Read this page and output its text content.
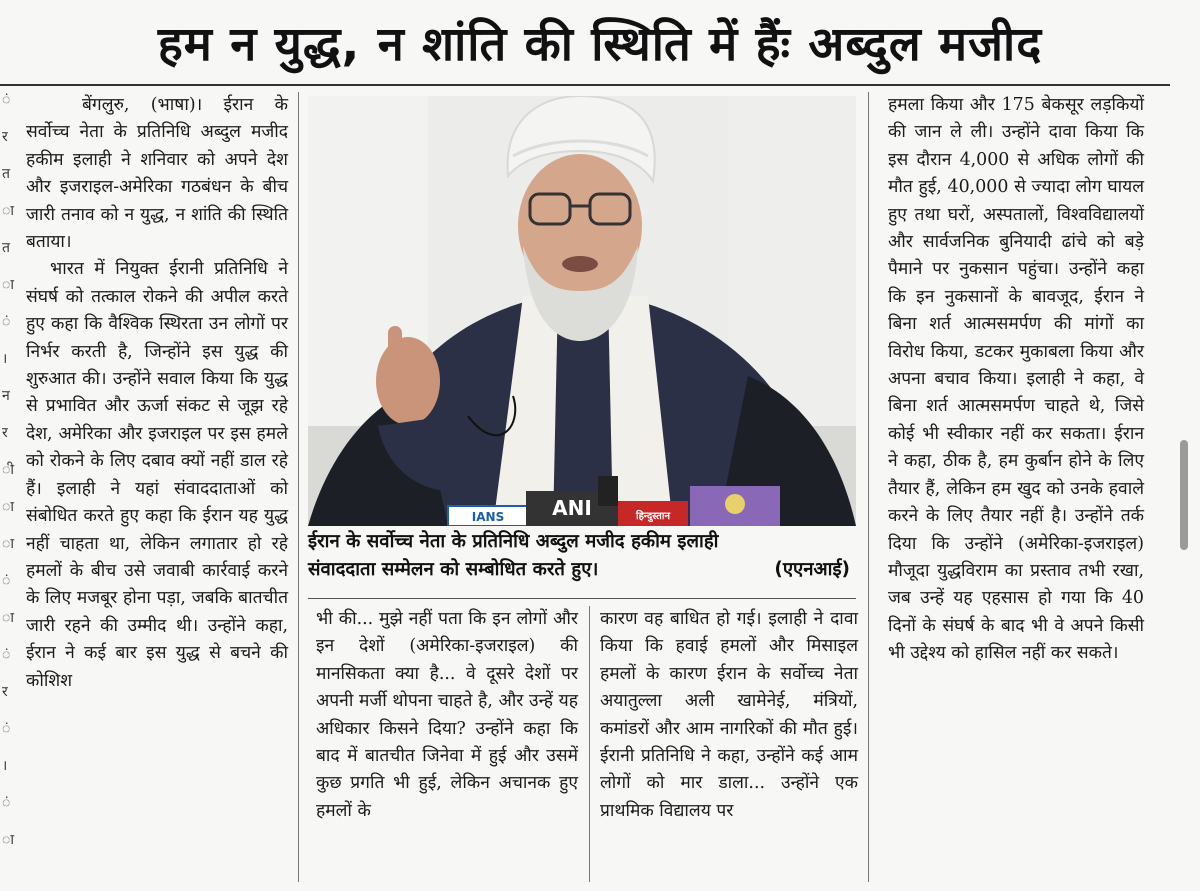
हम न युद्ध, न शांति की स्थिति में हैंः अब्दुल मजीद
ं
र
त
ा
त
ा
ं
।
न
र
ी
ा
ा
ं
ा
ं
र
ं
।
ं
ा

बेंगलुरु, (भाषा)। ईरान के सर्वोच्च नेता के प्रतिनिधि अब्दुल मजीद हकीम इलाही ने शनिवार को अपने देश और इजराइल-अमेरिका गठबंधन के बीच जारी तनाव को न युद्ध, न शांति की स्थिति बताया।

भारत में नियुक्त ईरानी प्रतिनिधि ने संघर्ष को तत्काल रोकने की अपील करते हुए कहा कि वैश्विक स्थिरता उन लोगों पर निर्भर करती है, जिन्होंने इस युद्ध की शुरुआत की। उन्होंने सवाल किया कि युद्ध से प्रभावित और ऊर्जा संकट से जूझ रहे देश, अमेरिका और इजराइल पर इस हमले को रोकने के लिए दबाव क्यों नहीं डाल रहे हैं। इलाही ने यहां संवाददाताओं को संबोधित करते हुए कहा कि ईरान यह युद्ध नहीं चाहता था, लेकिन लगातार हो रहे हमलों के बीच उसे जवाबी कार्रवाई करने के लिए मजबूर होना पड़ा, जबकि बातचीत जारी रहने की उम्मीद थी। उन्होंने कहा, ईरान ने कई बार इस युद्ध से बचने की कोशिश

IANS ANI	हिन्दुस्तान
ईरान के सर्वोच्च नेता के प्रतिनिधि अब्दुल मजीद हकीम इलाही
संवाददाता सम्मेलन को सम्बोधित करते हुए।	(एएनआई)

भी की... मुझे नहीं पता कि इन लोगों और इन देशों (अमेरिका-इजराइल) की मानसिकता क्या है... वे दूसरे देशों पर अपनी मर्जी थोपना चाहते है, और उन्हें यह अधिकार किसने दिया? उन्होंने कहा कि बाद में बातचीत जिनेवा में हुई और उसमें कुछ प्रगति भी हुई, लेकिन अचानक हुए हमलों के

कारण वह बाधित हो गई। इलाही ने दावा किया कि हवाई हमलों और मिसाइल हमलों के कारण ईरान के सर्वोच्च नेता अयातुल्ला अली खामेनेई, मंत्रियों, कमांडरों और आम नागरिकों की मौत हुई। ईरानी प्रतिनिधि ने कहा, उन्होंने कई आम लोगों को मार डाला... उन्होंने एक प्राथमिक विद्यालय पर

हमला किया और 175 बेकसूर लड़कियों की जान ले ली। उन्होंने दावा किया कि इस दौरान 4,000 से अधिक लोगों की मौत हुई, 40,000 से ज्यादा लोग घायल हुए तथा घरों, अस्पतालों, विश्वविद्यालयों और सार्वजनिक बुनियादी ढांचे को बड़े पैमाने पर नुकसान पहुंचा। उन्होंने कहा कि इन नुकसानों के बावजूद, ईरान ने बिना शर्त आत्मसमर्पण की मांगों का विरोध किया, डटकर मुकाबला किया और अपना बचाव किया। इलाही ने कहा, वे बिना शर्त आत्मसमर्पण चाहते थे, जिसे कोई भी स्वीकार नहीं कर सकता। ईरान ने कहा, ठीक है, हम कुर्बान होने के लिए तैयार हैं, लेकिन हम खुद को उनके हवाले करने के लिए तैयार नहीं है। उन्होंने तर्क दिया कि उन्होंने (अमेरिका-इजराइल) मौजूदा युद्धविराम का प्रस्ताव तभी रखा, जब उन्हें यह एहसास हो गया कि 40 दिनों के संघर्ष के बाद भी वे अपने किसी भी उद्देश्य को हासिल नहीं कर सकते।
